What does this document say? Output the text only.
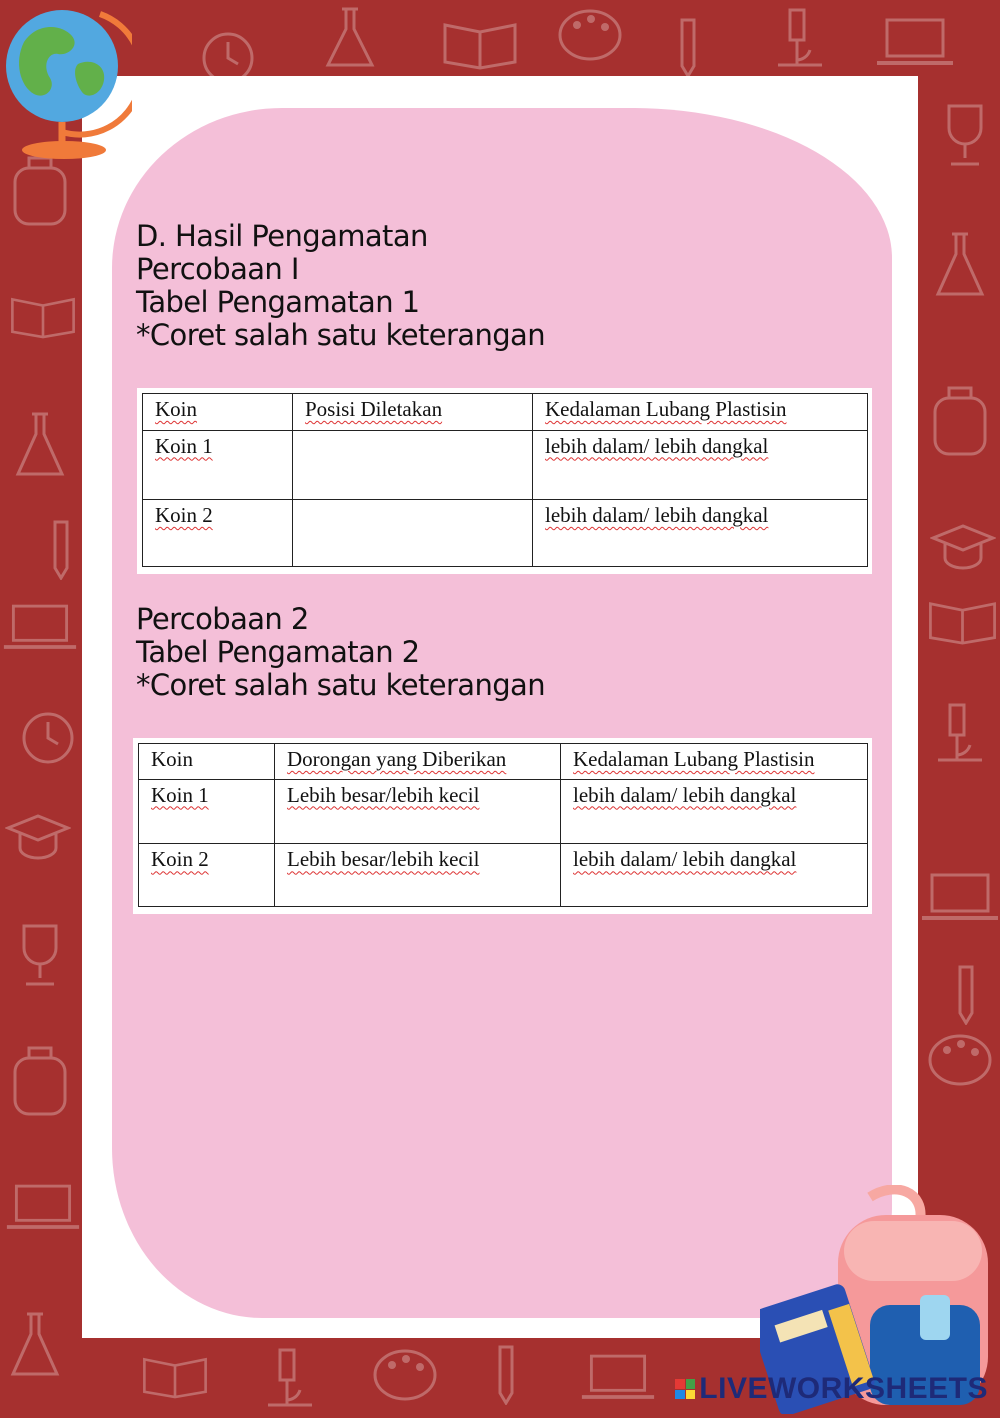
D. Hasil Pengamatan
Percobaan I
Tabel Pengamatan 1
*Coret salah satu keterangan
Koin	Posisi Diletakan	Kedalaman Lubang Plastisin
Koin 1		lebih dalam/ lebih dangkal
Koin 2		lebih dalam/ lebih dangkal
Percobaan 2
Tabel Pengamatan 2
*Coret salah satu keterangan
Koin	Dorongan yang Diberikan	Kedalaman Lubang Plastisin
Koin 1	Lebih besar/lebih kecil	lebih dalam/ lebih dangkal
Koin 2	Lebih besar/lebih kecil	lebih dalam/ lebih dangkal
LIVEWORKSHEETS
